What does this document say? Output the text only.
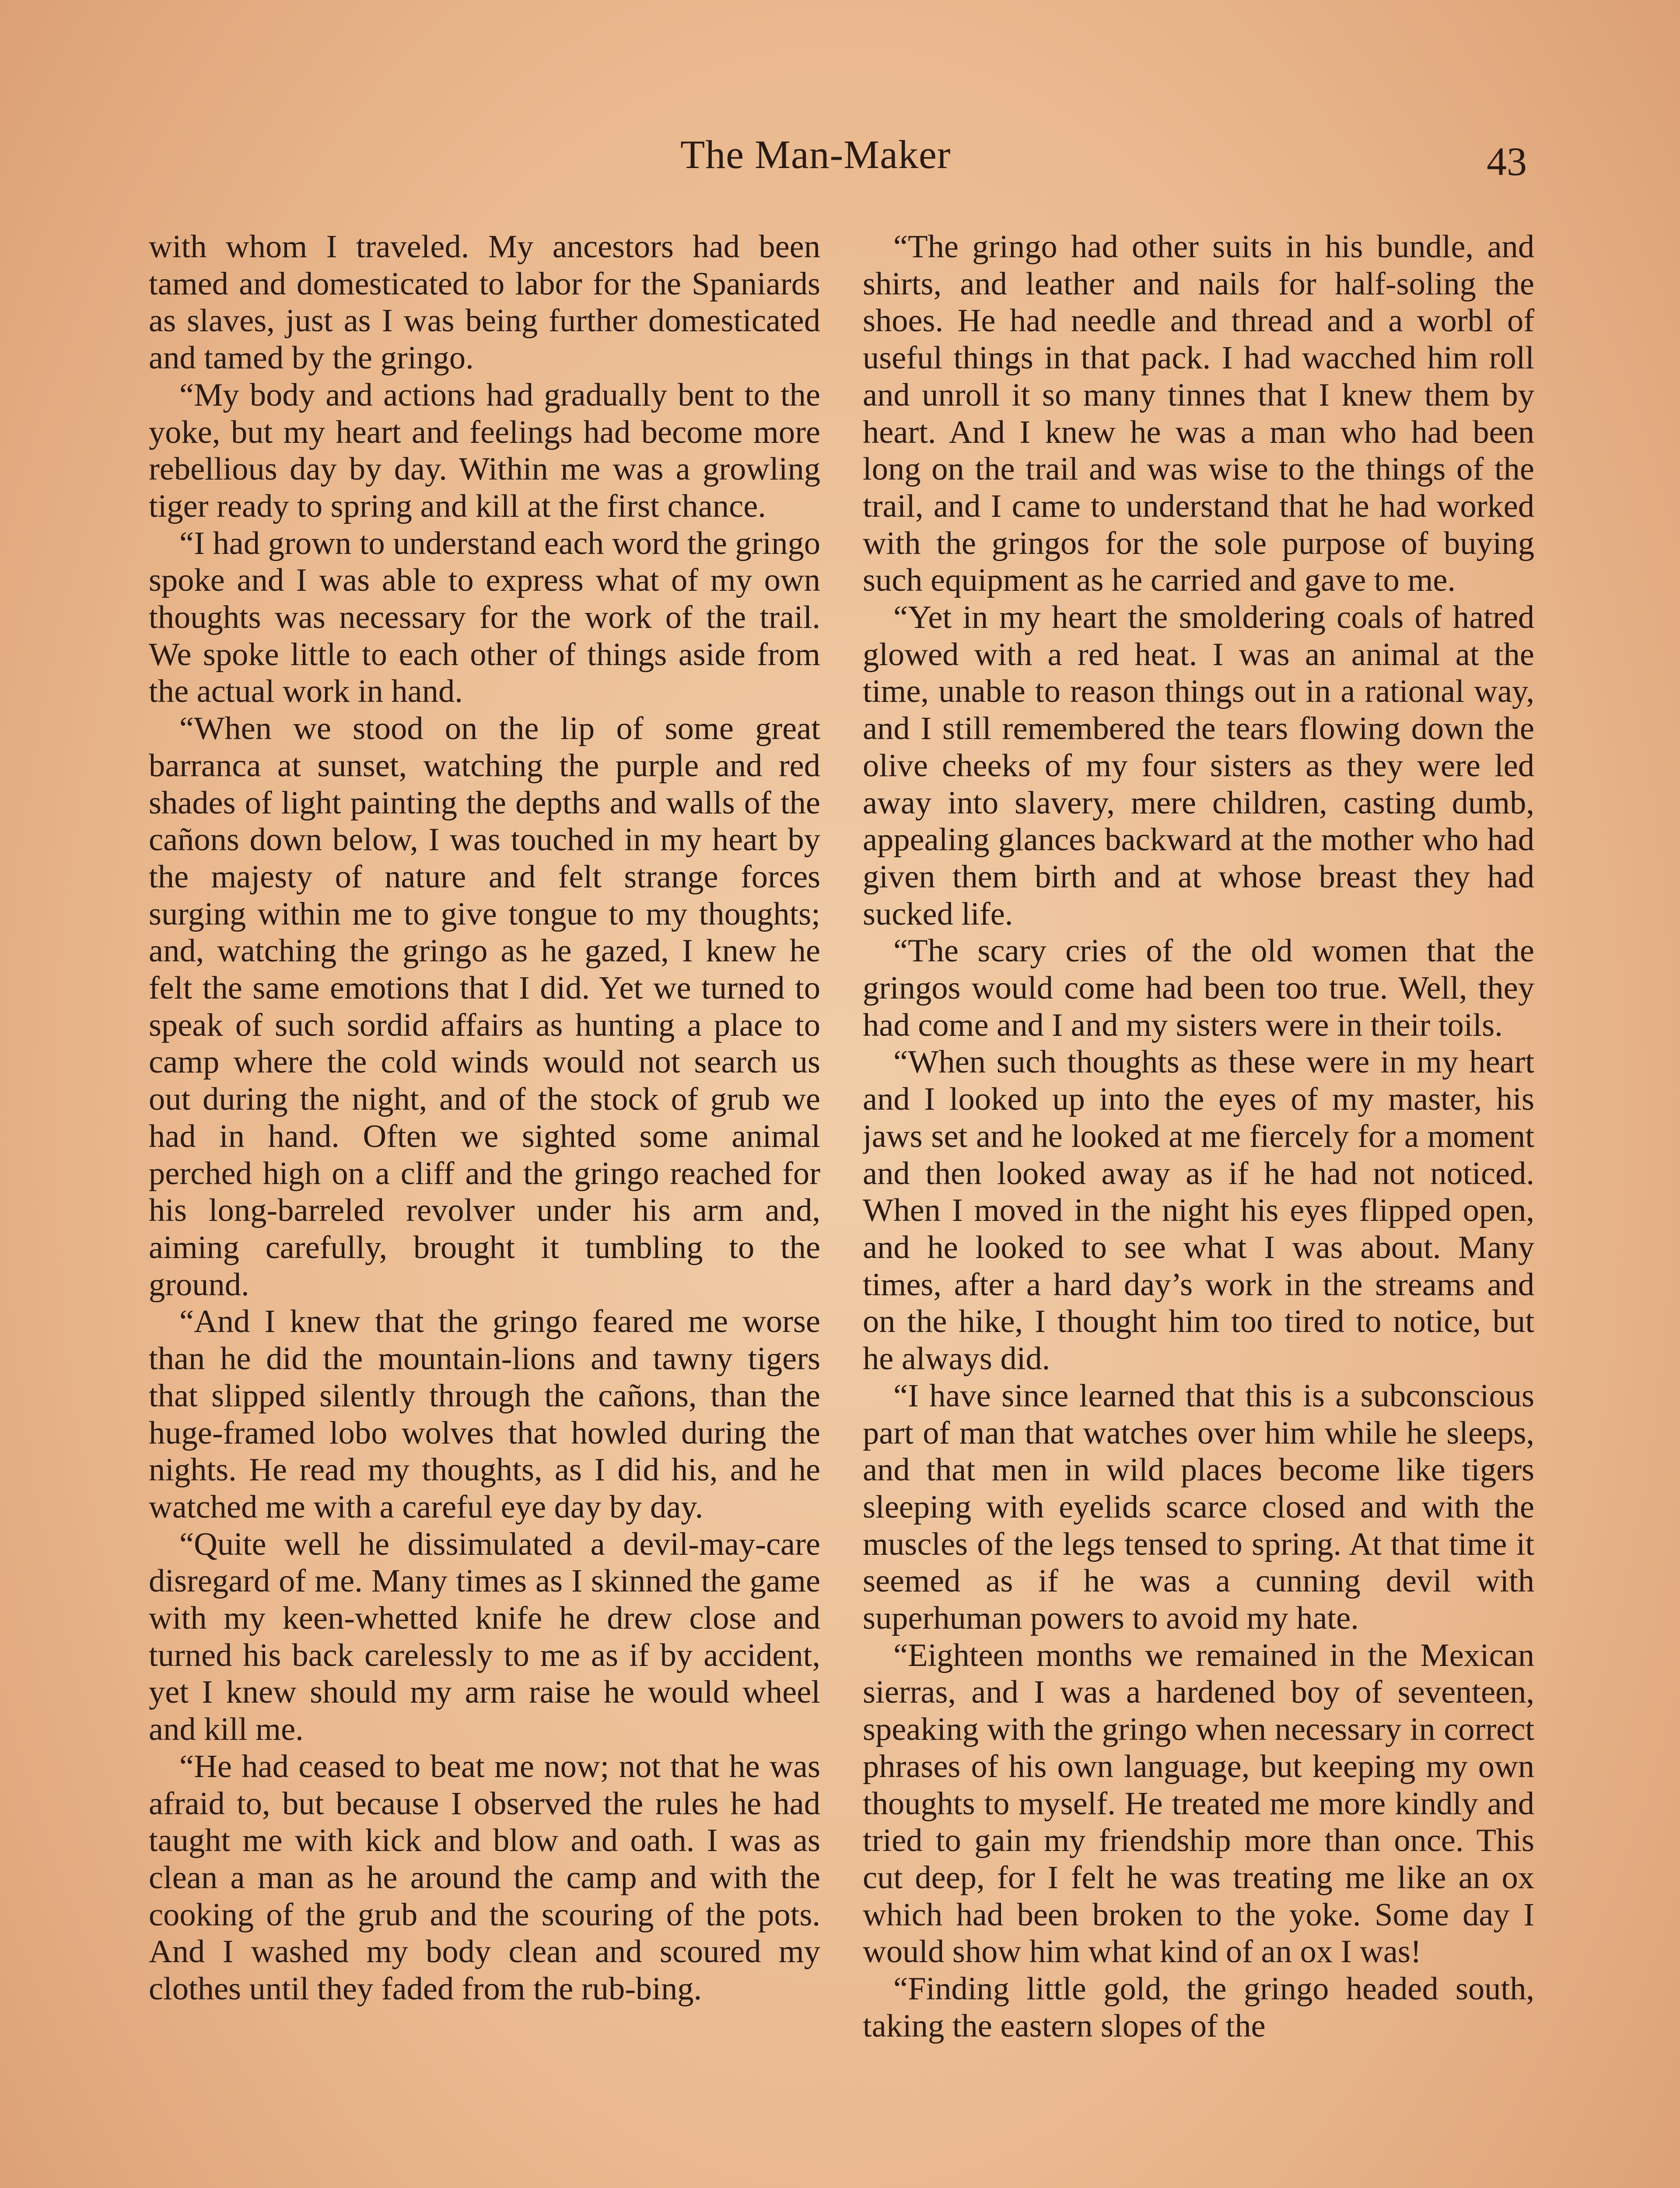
The Man-Maker	43

with whom I traveled. My ancestors had been tamed and domesticated to labor for the Spaniards as slaves, just as I was being further domesticated and tamed by the gringo.

“My body and actions had gradually bent to the yoke, but my heart and feelings had become more rebellious day by day. Within me was a growling tiger ready to spring and kill at the first chance.

“I had grown to understand each word the gringo spoke and I was able to express what of my own thoughts was necessary for the work of the trail. We spoke little to each other of things aside from the actual work in hand.

“When we stood on the lip of some great barranca at sunset, watching the purple and red shades of light painting the depths and walls of the cañons down below, I was touched in my heart by the majesty of nature and felt strange forces surging within me to give tongue to my thoughts; and, watching the gringo as he gazed, I knew he felt the same emotions that I did. Yet we turned to speak of such sordid affairs as hunting a place to camp where the cold winds would not search us out during the night, and of the stock of grub we had in hand. Often we sighted some animal perched high on a cliff and the gringo reached for his long-barreled revolver under his arm and, aiming carefully, brought it tumbling to the ground.

“And I knew that the gringo feared me worse than he did the mountain-lions and tawny tigers that slipped silently through the cañons, than the huge-framed lobo wolves that howled during the nights. He read my thoughts, as I did his, and he watched me with a careful eye day by day.

“Quite well he dissimulated a devil-may-care disregard of me. Many times as I skinned the game with my keen-whetted knife he drew close and turned his back carelessly to me as if by accident, yet I knew should my arm raise he would wheel and kill me.

“He had ceased to beat me now; not that he was afraid to, but because I observed the rules he had taught me with kick and blow and oath. I was as clean a man as he around the camp and with the cooking of the grub and the scouring of the pots. And I washed my body clean and scoured my clothes until they faded from the rub-bing.

“The gringo had other suits in his bundle, and shirts, and leather and nails for half-soling the shoes. He had needle and thread and a worbl of useful things in that pack. I had wacched him roll and unroll it so many tinnes that I knew them by heart. And I knew he was a man who had been long on the trail and was wise to the things of the trail, and I came to understand that he had worked with the gringos for the sole purpose of buying such equipment as he carried and gave to me.

“Yet in my heart the smoldering coals of hatred glowed with a red heat. I was an animal at the time, unable to reason things out in a rational way, and I still remembered the tears flowing down the olive cheeks of my four sisters as they were led away into slavery, mere children, casting dumb, appealing glances backward at the mother who had given them birth and at whose breast they had sucked life.

“The scary cries of the old women that the gringos would come had been too true. Well, they had come and I and my sisters were in their toils.

“When such thoughts as these were in my heart and I looked up into the eyes of my master, his jaws set and he looked at me fiercely for a moment and then looked away as if he had not noticed. When I moved in the night his eyes flipped open, and he looked to see what I was about. Many times, after a hard day’s work in the streams and on the hike, I thought him too tired to notice, but he always did.

“I have since learned that this is a subconscious part of man that watches over him while he sleeps, and that men in wild places become like tigers sleeping with eyelids scarce closed and with the muscles of the legs tensed to spring. At that time it seemed as if he was a cunning devil with superhuman powers to avoid my hate.

“Eighteen months we remained in the Mexican sierras, and I was a hardened boy of seventeen, speaking with the gringo when necessary in correct phrases of his own language, but keeping my own thoughts to myself. He treated me more kindly and tried to gain my friendship more than once. This cut deep, for I felt he was treating me like an ox which had been broken to the yoke. Some day I would show him what kind of an ox I was!

“Finding little gold, the gringo headed south, taking the eastern slopes of the
